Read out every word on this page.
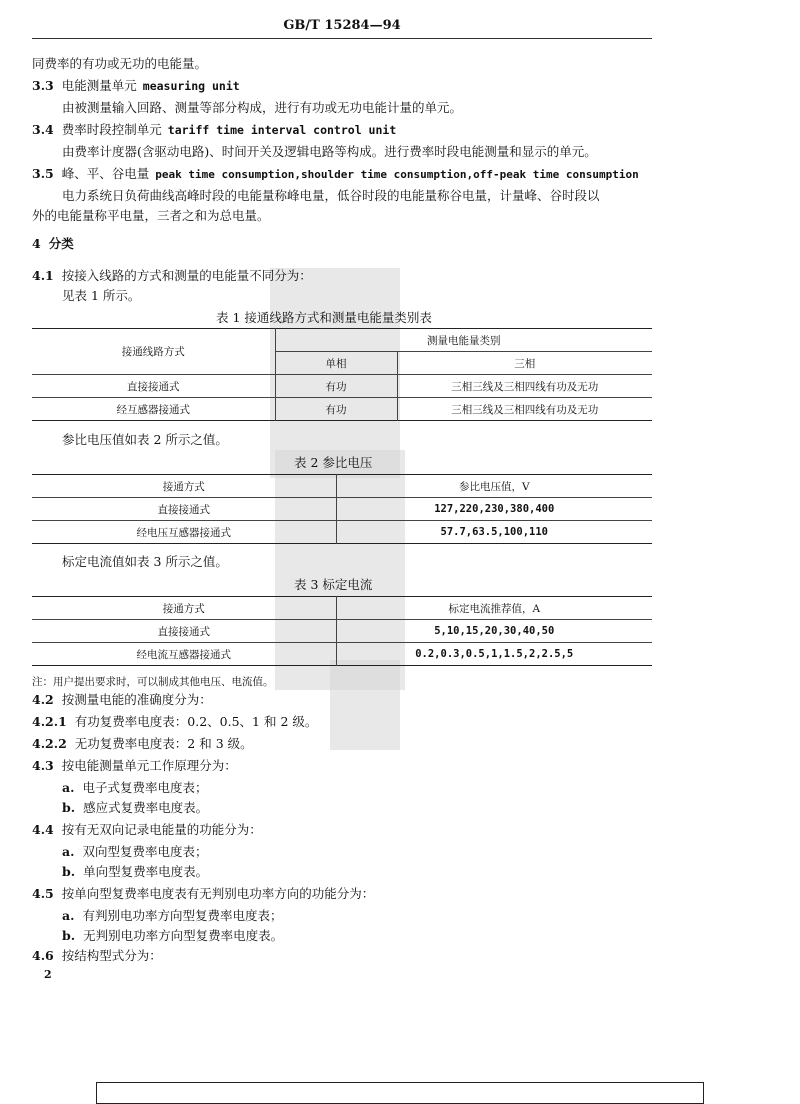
GB/T 15284—94
同费率的有功或无功的电能量。
3.3 电能测量单元 measuring unit
由被测量输入回路、测量等部分构成，进行有功或无功电能计量的单元。
3.4 费率时段控制单元 tariff time interval control unit
由费率计度器(含驱动电路)、时间开关及逻辑电路等构成。进行费率时段电能测量和显示的单元。
3.5 峰、平、谷电量 peak time consumption,shoulder time consumption,off-peak time consumption
电力系统日负荷曲线高峰时段的电能量称峰电量，低谷时段的电能量称谷电量，计量峰、谷时段以
外的电能量称平电量，三者之和为总电量。
4 分类
4.1 按接入线路的方式和测量的电能量不同分为：
见表 1 所示。
表 1 接通线路方式和测量电能量类别表
接通线路方式	测量电能量类别	
	单相	三相
直接接通式	有功	三相三线及三相四线有功及无功
经互感器接通式	有功	三相三线及三相四线有功及无功
参比电压值如表 2 所示之值。
表 2 参比电压
接通方式	参比电压值，V
直接接通式	127,220,230,380,400
经电压互感器接通式	57.7,63.5,100,110
标定电流值如表 3 所示之值。
表 3 标定电流
接通方式	标定电流推荐值，A
直接接通式	5,10,15,20,30,40,50
经电流互感器接通式	0.2,0.3,0.5,1,1.5,2,2.5,5
注：用户提出要求时，可以制成其他电压、电流值。
4.2 按测量电能的准确度分为：
4.2.1 有功复费率电度表：0.2、0.5、1 和 2 级。
4.2.2 无功复费率电度表：2 和 3 级。
4.3 按电能测量单元工作原理分为：
a. 电子式复费率电度表；
b. 感应式复费率电度表。
4.4 按有无双向记录电能量的功能分为：
a. 双向型复费率电度表；
b. 单向型复费率电度表。
4.5 按单向型复费率电度表有无判别电功率方向的功能分为：
a. 有判别电功率方向型复费率电度表；
b. 无判别电功率方向型复费率电度表。
4.6 按结构型式分为：
2
